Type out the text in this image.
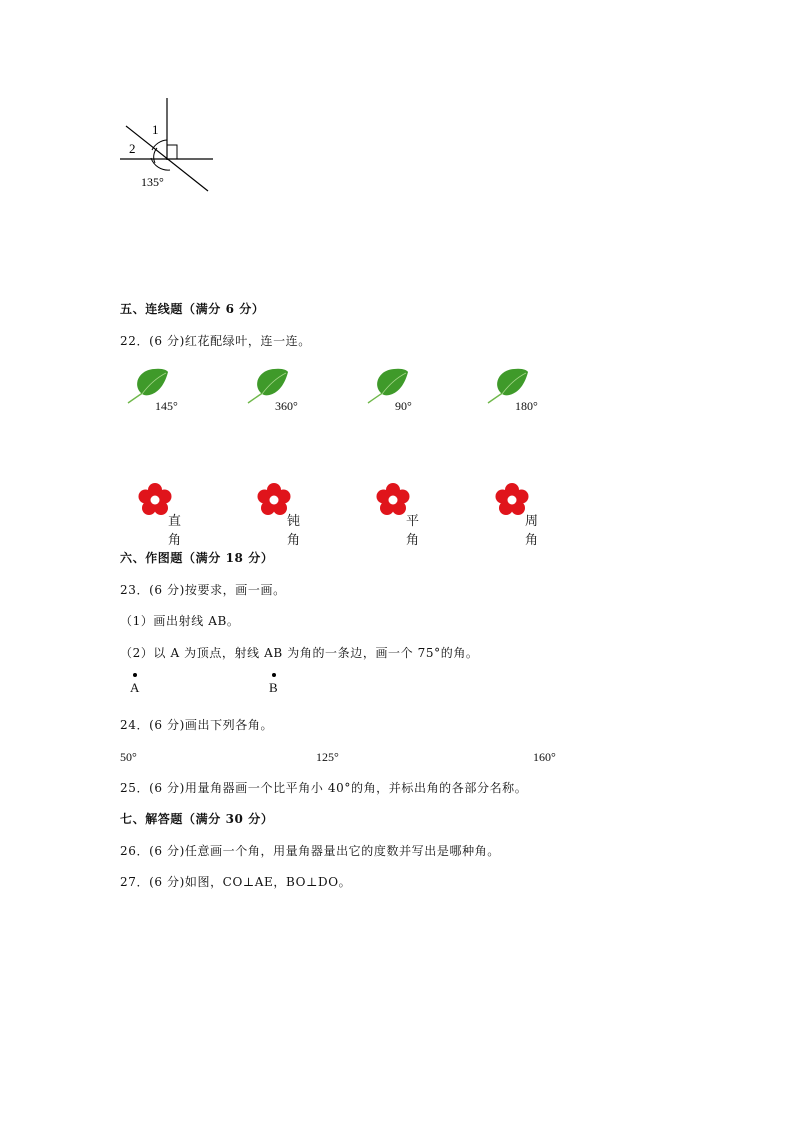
1
2
135°
五、连线题（满分 6 分）
22．(6 分)红花配绿叶，连一连。
145°	360°	90°	180°
直角
钝角
平角
周角
六、作图题（满分 18 分）
23．(6 分)按要求，画一画。
（1）画出射线 AB。
（2）以 A 为顶点，射线 AB 为角的一条边，画一个 75°的角。
A	B
24．(6 分)画出下列各角。
50°	125°	160°
25．(6 分)用量角器画一个比平角小 40°的角，并标出角的各部分名称。
七、解答题（满分 30 分）
26．(6 分)任意画一个角，用量角器量出它的度数并写出是哪种角。
27．(6 分)如图，CO⊥AE，BO⊥DO。
